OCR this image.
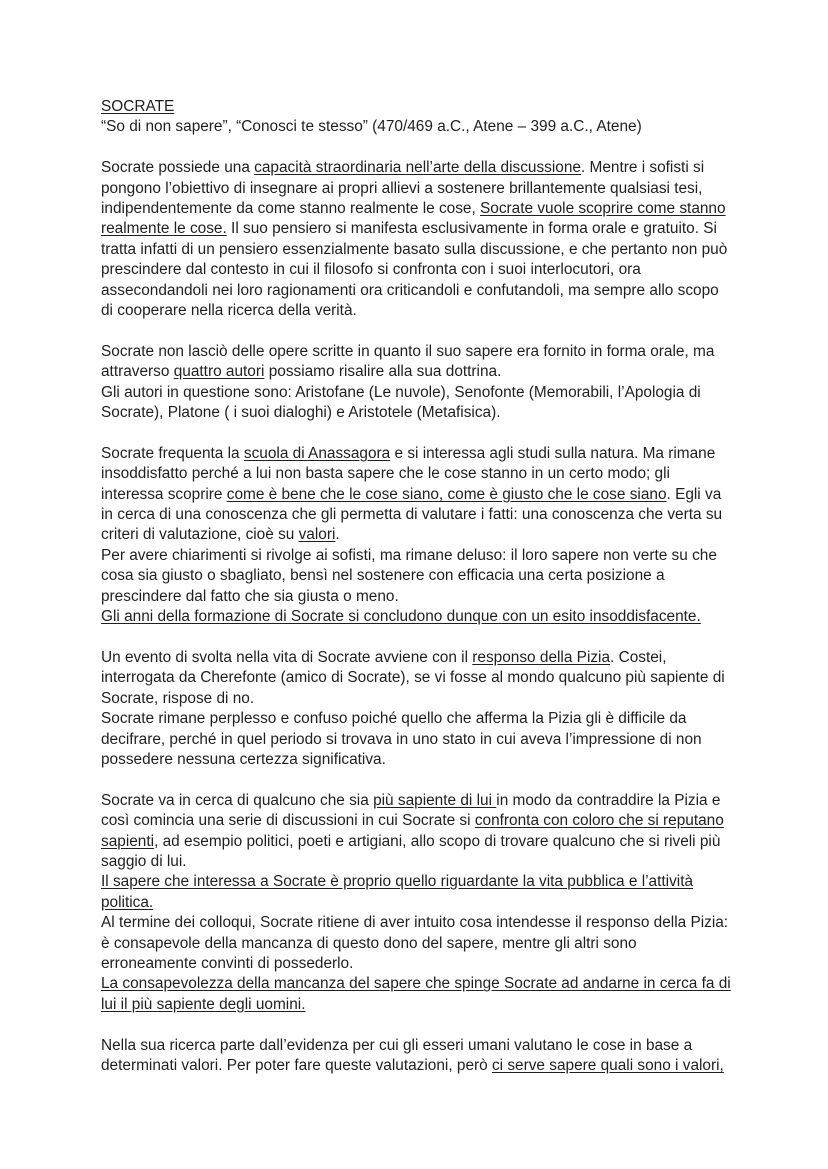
SOCRATE

“So di non sapere”, “Conosci te stesso” (470/469 a.C., Atene – 399 a.C., Atene)

Socrate possiede una capacità straordinaria nell’arte della discussione. Mentre i sofisti si pongono l’obiettivo di insegnare ai propri allievi a sostenere brillantemente qualsiasi tesi, indipendentemente da come stanno realmente le cose, Socrate vuole scoprire come stanno realmente le cose. Il suo pensiero si manifesta esclusivamente in forma orale e gratuito. Si tratta infatti di un pensiero essenzialmente basato sulla discussione, e che pertanto non può prescindere dal contesto in cui il filosofo si confronta con i suoi interlocutori, ora assecondandoli nei loro ragionamenti ora criticandoli e confutandoli, ma sempre allo scopo di cooperare nella ricerca della verità.

Socrate non lasciò delle opere scritte in quanto il suo sapere era fornito in forma orale, ma attraverso quattro autori possiamo risalire alla sua dottrina.

Gli autori in questione sono: Aristofane (Le nuvole), Senofonte (Memorabili, l’Apologia di Socrate), Platone ( i suoi dialoghi) e Aristotele (Metafisica).

Socrate frequenta la scuola di Anassagora e si interessa agli studi sulla natura. Ma rimane insoddisfatto perché a lui non basta sapere che le cose stanno in un certo modo; gli interessa scoprire come è bene che le cose siano, come è giusto che le cose siano. Egli va in cerca di una conoscenza che gli permetta di valutare i fatti: una conoscenza che verta su criteri di valutazione, cioè su valori.

Per avere chiarimenti si rivolge ai sofisti, ma rimane deluso: il loro sapere non verte su che cosa sia giusto o sbagliato, bensì nel sostenere con efficacia una certa posizione a prescindere dal fatto che sia giusta o meno.

Gli anni della formazione di Socrate si concludono dunque con un esito insoddisfacente.

Un evento di svolta nella vita di Socrate avviene con il responso della Pizia. Costei, interrogata da Cherefonte (amico di Socrate), se vi fosse al mondo qualcuno più sapiente di Socrate, rispose di no.

Socrate rimane perplesso e confuso poiché quello che afferma la Pizia gli è difficile da decifrare, perché in quel periodo si trovava in uno stato in cui aveva l’impressione di non possedere nessuna certezza significativa.

Socrate va in cerca di qualcuno che sia più sapiente di lui in modo da contraddire la Pizia e così comincia una serie di discussioni in cui Socrate si confronta con coloro che si reputano sapienti, ad esempio politici, poeti e artigiani, allo scopo di trovare qualcuno che si riveli più saggio di lui.

Il sapere che interessa a Socrate è proprio quello riguardante la vita pubblica e l’attività politica.

Al termine dei colloqui, Socrate ritiene di aver intuito cosa intendesse il responso della Pizia: è consapevole della mancanza di questo dono del sapere, mentre gli altri sono erroneamente convinti di possederlo.

La consapevolezza della mancanza del sapere che spinge Socrate ad andarne in cerca fa di lui il più sapiente degli uomini.

Nella sua ricerca parte dall’evidenza per cui gli esseri umani valutano le cose in base a determinati valori. Per poter fare queste valutazioni, però ci serve sapere quali sono i valori,
